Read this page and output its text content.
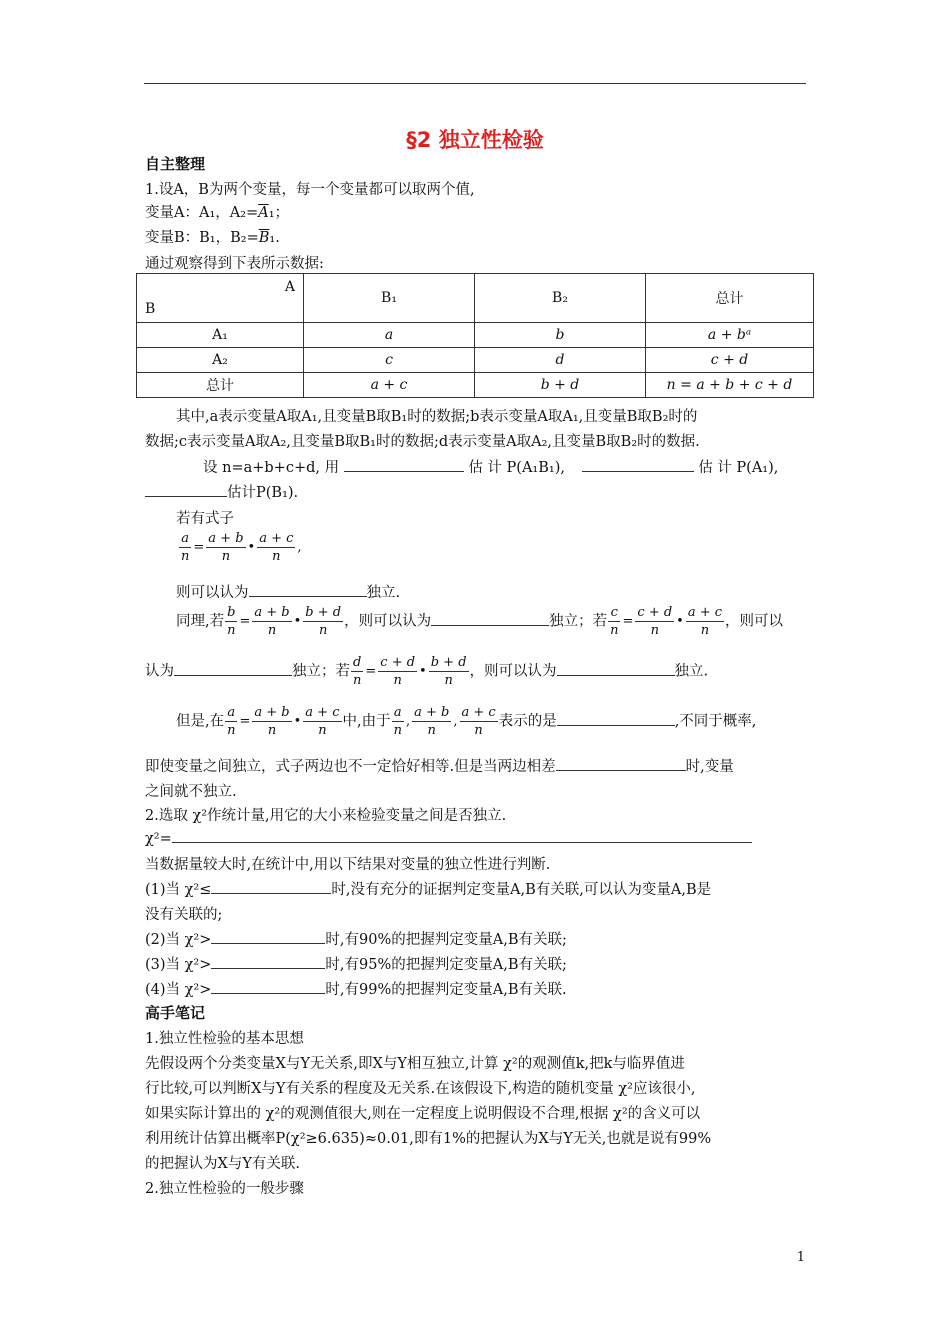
§2 独立性检验
自主整理
1.设A，B为两个变量，每一个变量都可以取两个值,
变量A：A₁，$A_2=\overline{A}_1$；
变量B：B₁，$B_2=\overline{B}_1$.
通过观察得到下表所示数据:
A
B	B₁	B₂	总计
A₁	a	b	a + bᵃ
A₂	c	d	c + d
总计	a + c	b + d	n = a + b + c + d
其中,a表示变量A取A₁,且变量B取B₁时的数据;b表示变量A取A₁,且变量B取B₂时的
数据;c表示变量A取A₂,且变量B取B₁时的数据;d表示变量A取A₂,且变量B取B₂时的数据.
设 n=a+b+c+d, 用	估 计 P(A₁B₁),	估 计 P(A₁),
估计P(B₁).
若有式子
$\frac{a}{n} = \frac{a + b}{n}$ • $\frac{a + c}{n}$ ,
则可以认为	独立.
同理,若 $\frac{b}{n} = \frac{a + b}{n}$ • $\frac{b + d}{n}$ ，则可以认为	独立；若 $\frac{c}{n} = \frac{c + d}{n}$ • $\frac{a + c}{n}$ ，则可以
认为	独立；若 $\frac{d}{n} = \frac{c + d}{n}$ • $\frac{b + d}{n}$ ，则可以认为	独立.
但是,在 $\frac{a}{n} = \frac{a + b}{n}$ • $\frac{a + c}{n}$ 中,由于 $\frac{a}{n}$ , $\frac{a + b}{n}$ , $\frac{a + c}{n}$ 表示的是	,不同于概率,
即使变量之间独立，式子两边也不一定恰好相等.但是当两边相差	时,变量
之间就不独立.
2.选取 χ²作统计量,用它的大小来检验变量之间是否独立.
χ²=
当数据量较大时,在统计中,用以下结果对变量的独立性进行判断.
(1)当 χ²≤	时,没有充分的证据判定变量A,B有关联,可以认为变量A,B是
没有关联的;
(2)当 χ²>	时,有90%的把握判定变量A,B有关联;
(3)当 χ²>	时,有95%的把握判定变量A,B有关联;
(4)当 χ²>	时,有99%的把握判定变量A,B有关联.
高手笔记
1.独立性检验的基本思想
先假设两个分类变量X与Y无关系,即X与Y相互独立,计算 χ²的观测值k,把k与临界值进
行比较,可以判断X与Y有关系的程度及无关系.在该假设下,构造的随机变量 χ²应该很小,
如果实际计算出的 χ²的观测值很大,则在一定程度上说明假设不合理,根据 χ²的含义可以
利用统计估算出概率P(χ²≥6.635)≈0.01,即有1%的把握认为X与Y无关,也就是说有99%
的把握认为X与Y有关联.
2.独立性检验的一般步骤
1
